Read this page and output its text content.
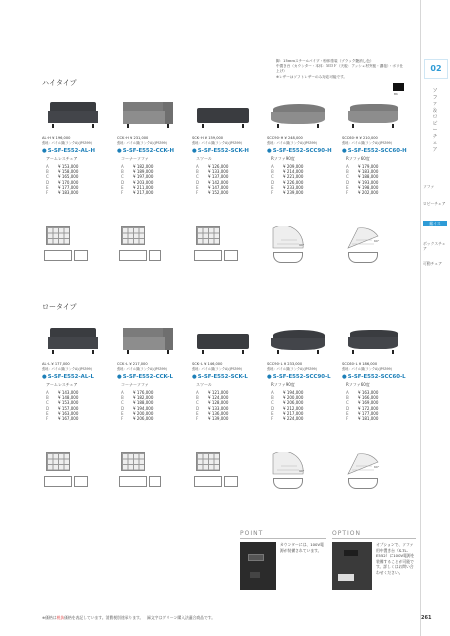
脚：15ｍｍスチールパイプ・粉体塗装（ブラック艶消し色）
中置き台（カウンター・本体：ＭＤＦ（天板：アッシュ材突板・濃塩）・ポリ仕上げ）
※レザーはソフトレザーのみ対応可能です。
BK
02
ソファ＆ロビーチェア
ソファ
ロビーチェア
総イス
ボックスチェア
可動チェア
ハイタイプ
ロータイプ
AL･H ¥ 196,000
張地：パイル織(ランクA)(JPS599)
● S-SF-E552-AL-H
アームレスチェア
A ¥ 153,000
B ¥ 158,000
C ¥ 165,000
D ¥ 170,000
E ¥ 177,000
F ¥ 183,000
CCK･H ¥ 231,000
張地：パイル織(ランクA)(JPS599)
● S-SF-E552-CCK-H
コーナーソファ
A ¥ 182,000
B ¥ 189,000
C ¥ 197,000
D ¥ 203,000
E ¥ 211,000
F ¥ 217,000
SCK･H ¥ 159,000
張地：パイル織(ランクA)(JPS599)
● S-SF-E552-SCK-H
スツール
A ¥ 126,000
B ¥ 133,000
C ¥ 137,000
D ¥ 142,000
E ¥ 147,000
F ¥ 152,000
SCC90･H ¥ 248,000
張地：パイル織(ランクA)(JPS599)
● S-SF-E552-SCC90-H
Rソファ90度
A ¥ 209,000
B ¥ 214,000
C ¥ 221,000
D ¥ 226,000
E ¥ 233,000
F ¥ 239,000
90°
SCC60･H ¥ 210,000
張地：パイル織(ランクA)(JPS599)
● S-SF-E552-SCC60-H
Rソファ60度
A ¥ 179,000
B ¥ 183,000
C ¥ 188,000
D ¥ 193,000
E ¥ 198,000
F ¥ 202,000
60°
AL･L ¥ 177,000
張地：パイル織(ランクA)(JPS599)
● S-SF-E552-AL-L
アームレスチェア
A ¥ 143,000
B ¥ 148,000
C ¥ 153,000
D ¥ 157,000
E ¥ 163,000
F ¥ 167,000
CCK･L ¥ 217,000
張地：パイル織(ランクA)(JPS599)
● S-SF-E552-CCK-L
コーナーソファ
A ¥ 176,000
B ¥ 182,000
C ¥ 188,000
D ¥ 194,000
E ¥ 200,000
F ¥ 206,000
SCK･L ¥ 146,000
張地：パイル織(ランクA)(JPS599)
● S-SF-E552-SCK-L
スツール
A ¥ 121,000
B ¥ 124,000
C ¥ 128,000
D ¥ 133,000
E ¥ 136,000
F ¥ 139,000
SCC90･L ¥ 233,000
張地：パイル織(ランクA)(JPS599)
● S-SF-E552-SCC90-L
Rソファ90度
A ¥ 194,000
B ¥ 200,000
C ¥ 206,000
D ¥ 212,000
E ¥ 217,000
F ¥ 224,000
90°
SCC60･L ¥ 186,000
張地：パイル織(ランクA)(JPS599)
● S-SF-E552-SCC60-L
Rソファ60度
A ¥ 163,000
B ¥ 166,000
C ¥ 169,000
D ¥ 172,000
E ¥ 177,000
F ¥ 181,000
60°
POINT
カウンターには、100V電源が装備されています。
OPTION
オプションで、ソファ用中置き台（S-TL-E552）に100V電源を装備することが可能です。詳しくはお問い合わせください。
※価格は税抜価格を表記しています。消費税別途承ります。　緑文字はグリーン購入法適合商品です。	261
